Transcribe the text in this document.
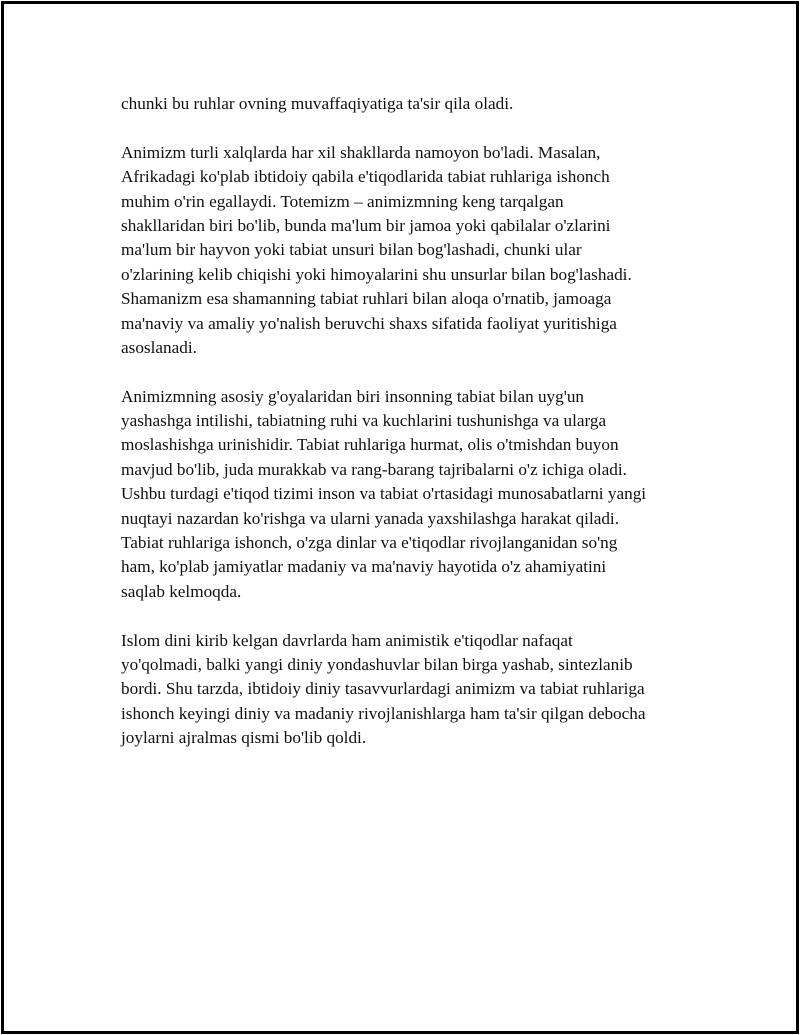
chunki bu ruhlar ovning muvaffaqiyatiga ta'sir qila oladi.
Animizm turli xalqlarda har xil shakllarda namoyon bo'ladi. Masalan,
Afrikadagi ko'plab ibtidoiy qabila e'tiqodlarida tabiat ruhlariga ishonch
muhim o'rin egallaydi. Totemizm – animizmning keng tarqalgan
shakllaridan biri bo'lib, bunda ma'lum bir jamoa yoki qabilalar o'zlarini
ma'lum bir hayvon yoki tabiat unsuri bilan bog'lashadi, chunki ular
o'zlarining kelib chiqishi yoki himoyalarini shu unsurlar bilan bog'lashadi.
Shamanizm esa shamanning tabiat ruhlari bilan aloqa o'rnatib, jamoaga
ma'naviy va amaliy yo'nalish beruvchi shaxs sifatida faoliyat yuritishiga
asoslanadi.
Animizmning asosiy g'oyalaridan biri insonning tabiat bilan uyg'un
yashashga intilishi, tabiatning ruhi va kuchlarini tushunishga va ularga
moslashishga urinishidir. Tabiat ruhlariga hurmat, olis o'tmishdan buyon
mavjud bo'lib, juda murakkab va rang-barang tajribalarni o'z ichiga oladi.
Ushbu turdagi e'tiqod tizimi inson va tabiat o'rtasidagi munosabatlarni yangi
nuqtayi nazardan ko'rishga va ularni yanada yaxshilashga harakat qiladi.
Tabiat ruhlariga ishonch, o'zga dinlar va e'tiqodlar rivojlanganidan so'ng
ham, ko'plab jamiyatlar madaniy va ma'naviy hayotida o'z ahamiyatini
saqlab kelmoqda.
Islom dini kirib kelgan davrlarda ham animistik e'tiqodlar nafaqat
yo'qolmadi, balki yangi diniy yondashuvlar bilan birga yashab, sintezlanib
bordi. Shu tarzda, ibtidoiy diniy tasavvurlardagi animizm va tabiat ruhlariga
ishonch keyingi diniy va madaniy rivojlanishlarga ham ta'sir qilgan debocha
joylarni ajralmas qismi bo'lib qoldi.
